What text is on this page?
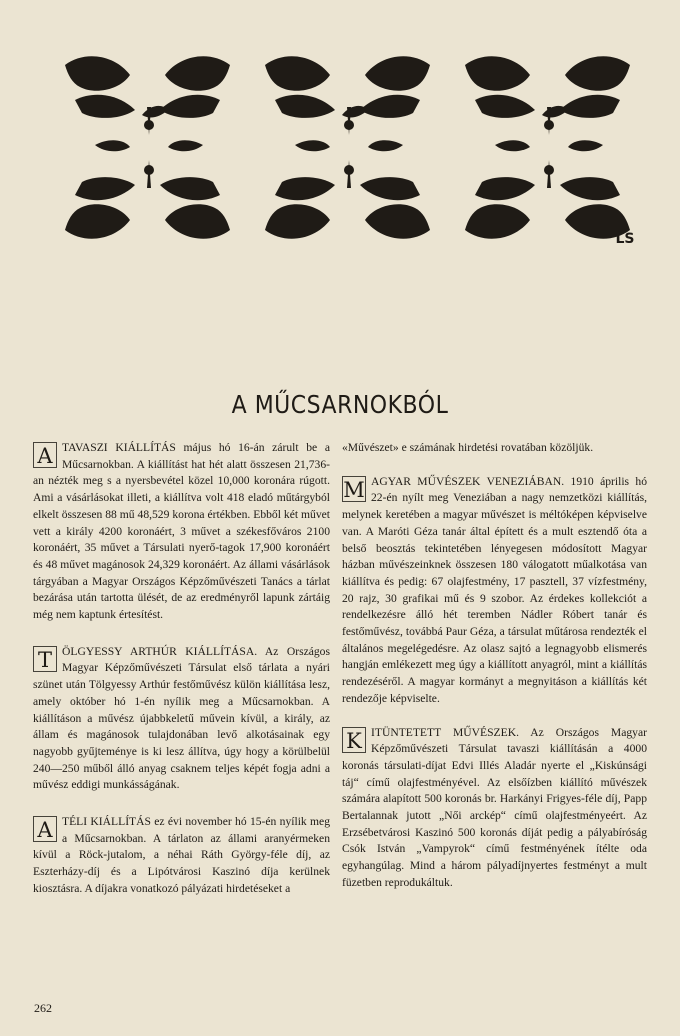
LS
A MŰCSARNOKBÓL

A TAVASZI KIÁLLÍTÁS május hó 16-án zárult be a Műcsarnokban. A kiállítást hat hét alatt összesen 21,736-an nézték meg s a nyersbevétel közel 10,000 koronára rúgott. Ami a vásárlásokat illeti, a kiállítva volt 418 eladó műtárgyból elkelt összesen 88 mű 48,529 korona értékben. Ebből két művet vett a király 4200 koronáért, 3 művet a székesfőváros 2100 koronáért, 35 művet a Társulati nyerő-tagok 17,900 koronáért és 48 művet magánosok 24,329 koronáért. Az állami vásárlások tárgyában a Magyar Országos Képzőművészeti Tanács a tárlat bezárása után tartotta ülését, de az eredményről lapunk zártáig még nem kaptunk értesítést.

T ÖLGYESSY ARTHÚR KIÁLLÍTÁSA. Az Országos Magyar Képzőművészeti Társulat első tárlata a nyári szünet után Tölgyessy Arthúr festőművész külön kiállítása lesz, amely október hó 1-én nyílik meg a Műcsarnokban. A kiállításon a művész újabbkeletű művein kívül, a király, az állam és magánosok tulajdonában levő alkotásainak egy nagyobb gyűjteménye is ki lesz állítva, úgy hogy a körülbelül 240—250 műből álló anyag csaknem teljes képét fogja adni a művész eddigi munkásságának.

A TÉLI KIÁLLÍTÁS ez évi november hó 15-én nyílik meg a Műcsarnokban. A tárlaton az állami aranyérmeken kívül a Röck-jutalom, a néhai Ráth György-féle díj, az Eszterházy-díj és a Lipótvárosi Kaszinó díja kerülnek kiosztásra. A díjakra vonatkozó pályázati hirdetéseket a

«Művészet» e számának hirdetési rovatában közöljük.

M AGYAR MŰVÉSZEK VENEZIÁBAN. 1910 április hó 22-én nyílt meg Veneziában a nagy nemzetközi kiállítás, melynek keretében a magyar művészet is méltóképen képviselve van. A Maróti Géza tanár által épített és a mult esztendő óta a belső beosztás tekintetében lényegesen módosított Magyar házban művészeinknek összesen 180 válogatott műalkotása van kiállítva és pedig: 67 olajfestmény, 17 pasztell, 37 vízfestmény, 20 rajz, 30 grafikai mű és 9 szobor. Az érdekes kollekciót a rendelkezésre álló hét teremben Nádler Róbert tanár és festőművész, továbbá Paur Géza, a társulat műtárosa rendezték el általános megelégedésre. Az olasz sajtó a legnagyobb elismerés hangján emlékezett meg úgy a kiállított anyagról, mint a kiállítás rendezéséről. A magyar kormányt a megnyitáson a kiállítás két rendezője képviselte.

K ITÜNTETETT MŰVÉSZEK. Az Országos Magyar Képzőművészeti Társulat tavaszi kiállításán a 4000 koronás társulati-díjat Edvi Illés Aladár nyerte el „Kiskúnsági táj“ című olajfestményével. Az elsőízben kiállító művészek számára alapított 500 koronás br. Harkányi Frigyes-féle díj, Papp Bertalannak jutott „Női arckép“ című olajfestményeért. Az Erzsébetvárosi Kaszinó 500 koronás díját pedig a pályabíróság Csók István „Vampyrok“ című festményének ítélte oda egyhangúlag. Mind a három pályadíjnyertes festményt a mult füzetben reprodukáltuk.

262
